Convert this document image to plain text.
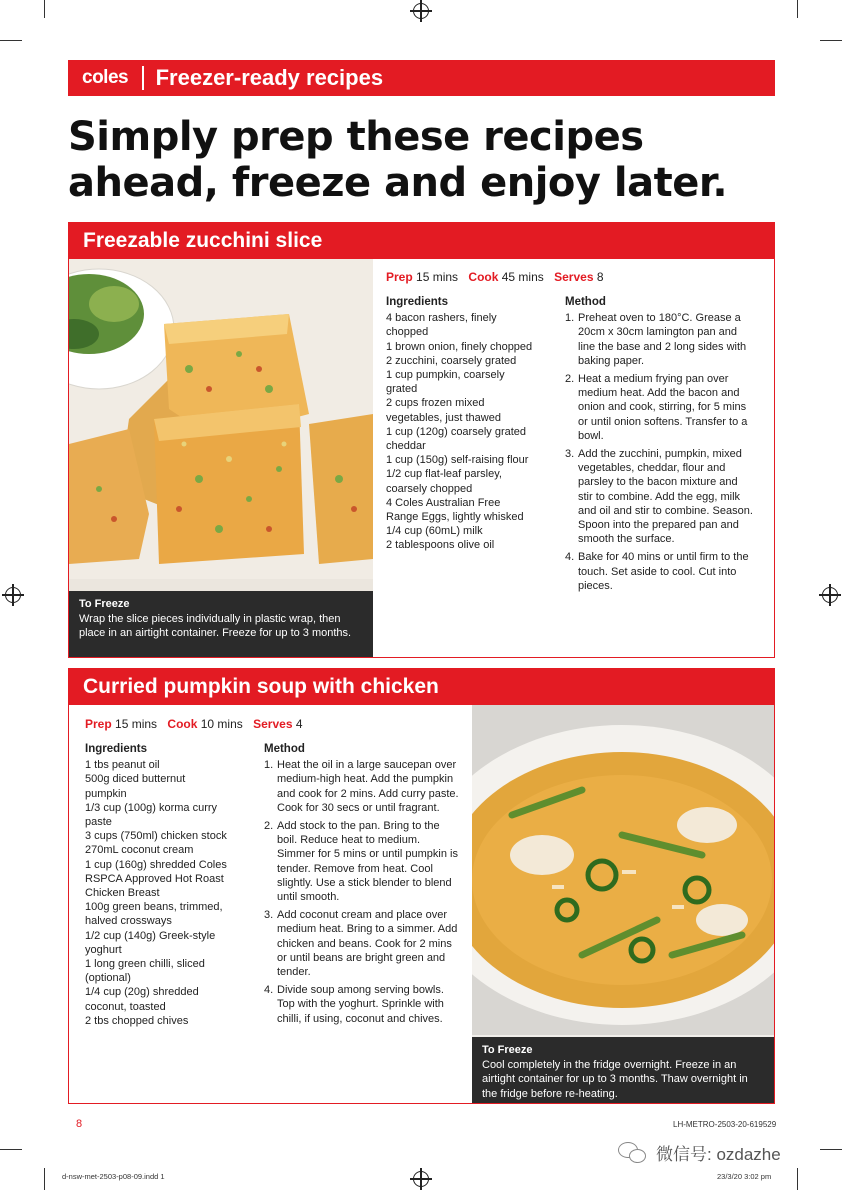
coles Freezer-ready recipes
Simply prep these recipes
ahead, freeze and enjoy later.
Freezable zucchini slice
To Freeze
Wrap the slice pieces individually in plastic wrap, then place in an airtight container. Freeze for up to 3 months.
Prep 15 mins Cook 45 mins Serves 8
Ingredients
4 bacon rashers, finely
chopped
1 brown onion, finely chopped
2 zucchini, coarsely grated
1 cup pumpkin, coarsely
grated
2 cups frozen mixed
vegetables, just thawed
1 cup (120g) coarsely grated
cheddar
1 cup (150g) self-raising flour
1/2 cup flat-leaf parsley,
coarsely chopped
4 Coles Australian Free
Range Eggs, lightly whisked
1/4 cup (60mL) milk
2 tablespoons olive oil
Method
1. Preheat oven to 180°C. Grease a 20cm x 30cm lamington pan and line the base and 2 long sides with baking paper.
2. Heat a medium frying pan over medium heat. Add the bacon and onion and cook, stirring, for 5 mins or until onion softens. Transfer to a bowl.
3. Add the zucchini, pumpkin, mixed vegetables, cheddar, flour and parsley to the bacon mixture and stir to combine. Add the egg, milk and oil and stir to combine. Season. Spoon into the prepared pan and smooth the surface.
4. Bake for 40 mins or until firm to the touch. Set aside to cool. Cut into pieces.
Curried pumpkin soup with chicken
Prep 15 mins Cook 10 mins Serves 4
Ingredients
1 tbs peanut oil
500g diced butternut
pumpkin
1/3 cup (100g) korma curry
paste
3 cups (750ml) chicken stock
270mL coconut cream
1 cup (160g) shredded Coles
RSPCA Approved Hot Roast
Chicken Breast
100g green beans, trimmed,
halved crossways
1/2 cup (140g) Greek-style
yoghurt
1 long green chilli, sliced
(optional)
1/4 cup (20g) shredded
coconut, toasted
2 tbs chopped chives
Method
1. Heat the oil in a large saucepan over medium-high heat. Add the pumpkin and cook for 2 mins. Add curry paste. Cook for 30 secs or until fragrant.
2. Add stock to the pan. Bring to the boil. Reduce heat to medium. Simmer for 5 mins or until pumpkin is tender. Remove from heat. Cool slightly. Use a stick blender to blend until smooth.
3. Add coconut cream and place over medium heat. Bring to a simmer. Add chicken and beans. Cook for 2 mins or until beans are bright green and tender.
4. Divide soup among serving bowls. Top with the yoghurt. Sprinkle with chilli, if using, coconut and chives.
To Freeze
Cool completely in the fridge overnight. Freeze in an airtight container for up to 3 months. Thaw overnight in the fridge before re-heating.
8	LH-METRO-2503-20-619529
微信号: ozdazhe
d-nsw-met-2503-p08-09.indd 1	23/3/20 3:02 pm
